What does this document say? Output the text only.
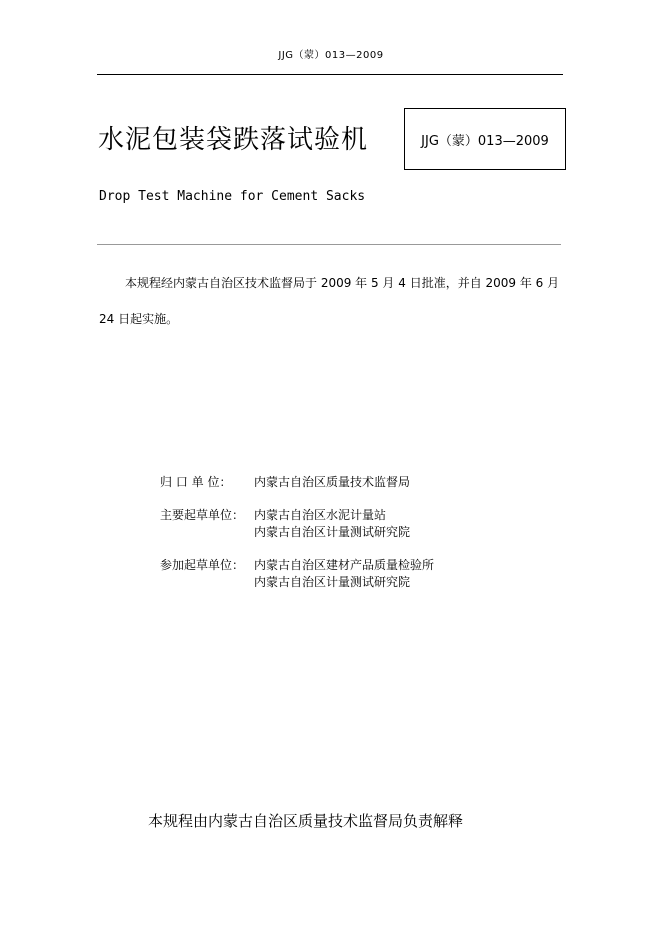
JJG（蒙）013—2009
水泥包装袋跌落试验机	JJG（蒙）013—2009
Drop Test Machine for Cement Sacks
本规程经内蒙古自治区技术监督局于 2009 年 5 月 4 日批准，并自 2009 年 6 月 24 日起实施。
归 口 单 位：	内蒙古自治区质量技术监督局
主要起草单位： 内蒙古自治区水泥计量站
内蒙古自治区计量测试研究院
参加起草单位： 内蒙古自治区建材产品质量检验所
内蒙古自治区计量测试研究院
本规程由内蒙古自治区质量技术监督局负责解释
